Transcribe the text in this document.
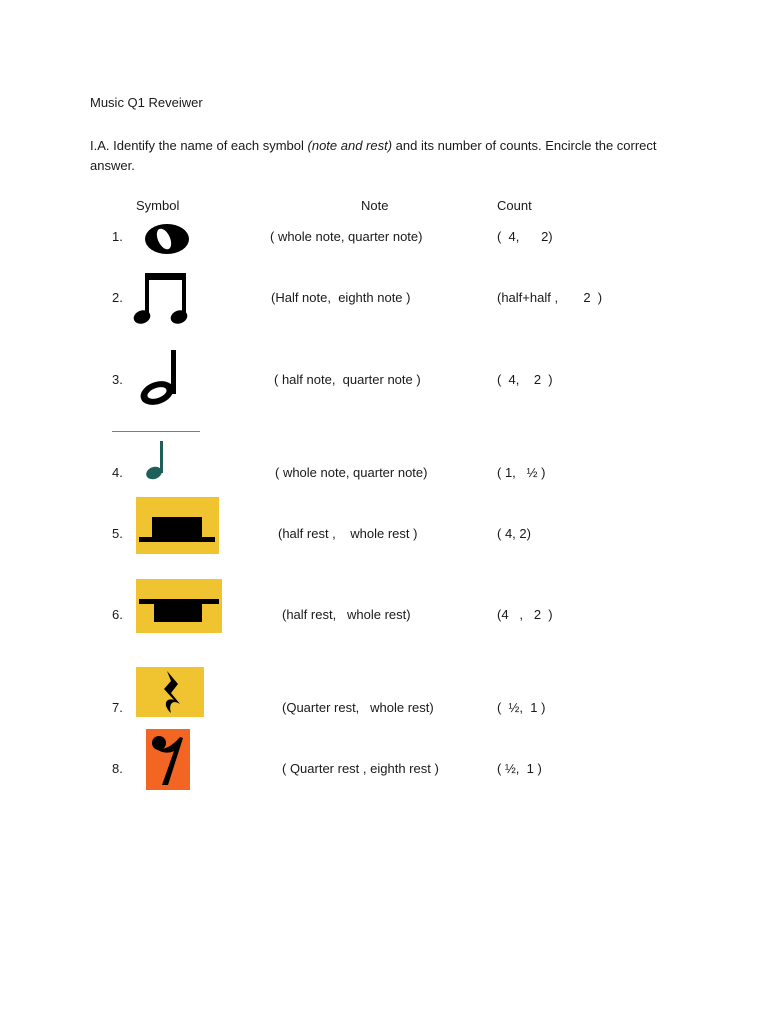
Music Q1 Reveiwer
I.A. Identify the name of each symbol (note and rest) and its number of counts. Encircle the correct answer.
Symbol	Note	Count
1.	( whole note, quarter note)	(  4,      2)
2.	(Half note,  eighth note )	(half+half ,       2  )
3.	( half note,  quarter note )	(  4,    2  )
4.	( whole note, quarter note)	( 1,   ½ )
5.	(half rest ,    whole rest )	( 4, 2)
6.	(half rest,   whole rest)	(4   ,   2  )
7.	(Quarter rest,   whole rest)	(  ½,  1 )
8.	( Quarter rest , eighth rest )	( ½,  1 )
